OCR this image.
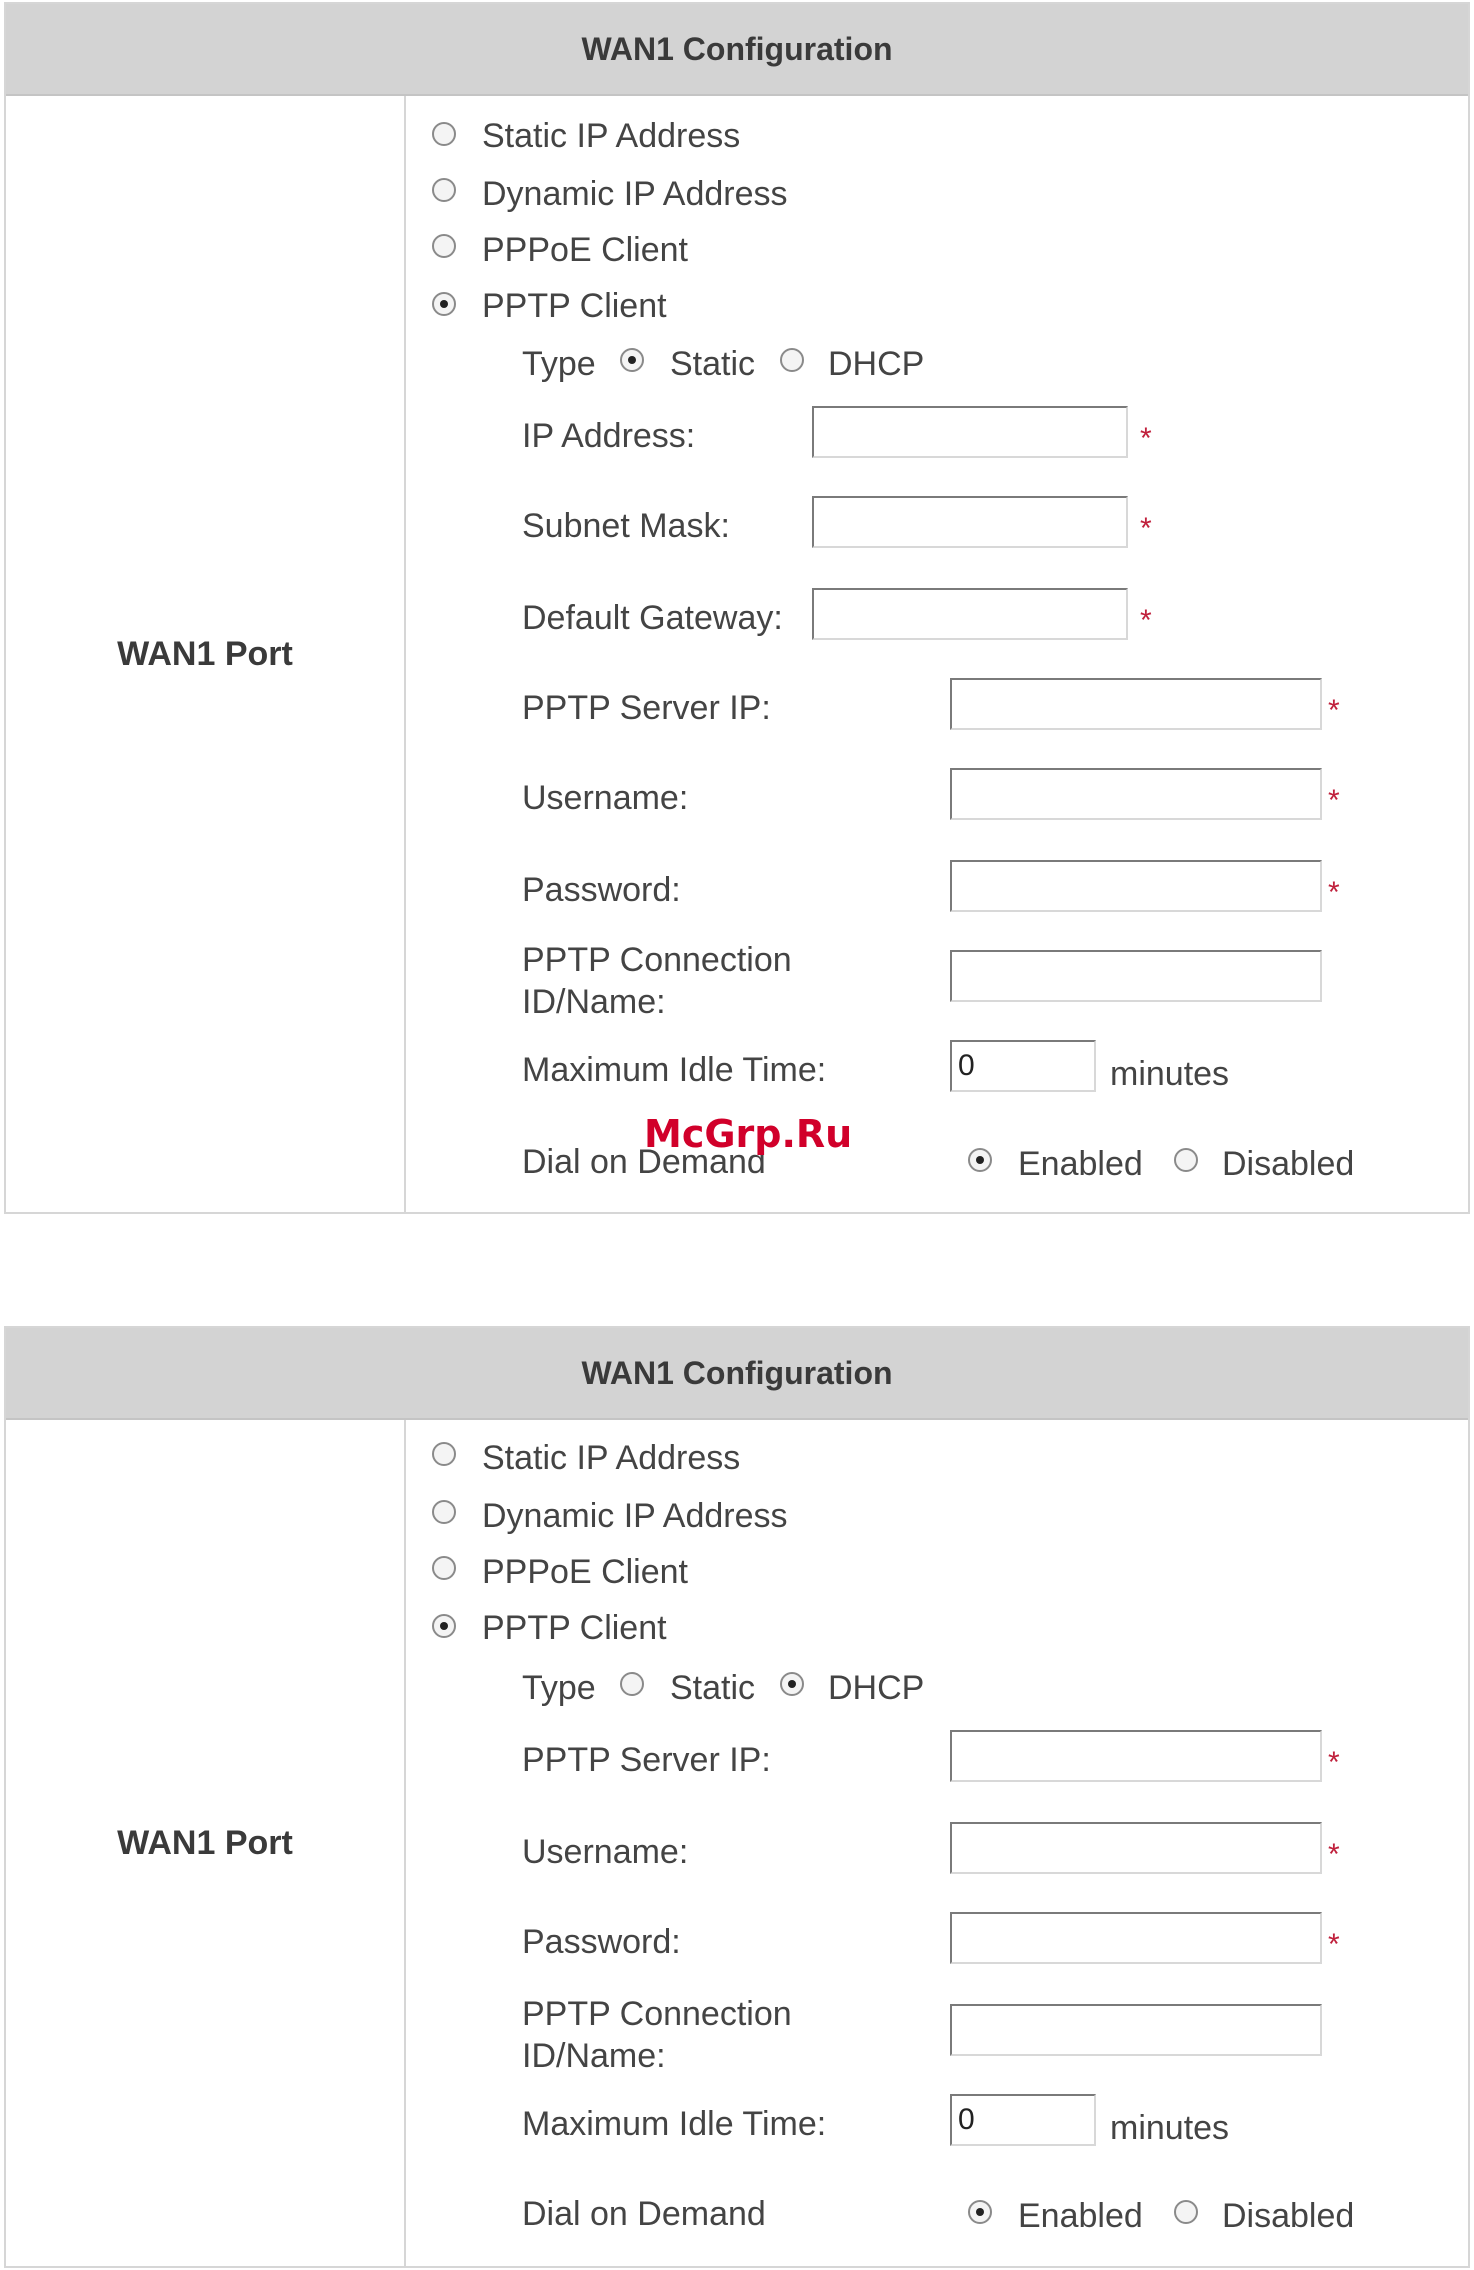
WAN1 Configuration
WAN1 Port
Static IP Address
Dynamic IP Address
PPPoE Client
PPTP Client
Type Static DHCP
IP Address:	*
Subnet Mask:	*
Default Gateway:	*
PPTP Server IP:	*
Username:	*
Password:	*
PPTP Connection
ID/Name:
Maximum Idle Time:
0	minutes
Dial on Demand	Enabled Disabled
McGrp.Ru
WAN1 Configuration
WAN1 Port
Static IP Address
Dynamic IP Address
PPPoE Client
PPTP Client
Type Static DHCP
PPTP Server IP:	*
Username:	*
Password:	*
PPTP Connection
ID/Name:
Maximum Idle Time:
0	minutes
Dial on Demand	Enabled Disabled
